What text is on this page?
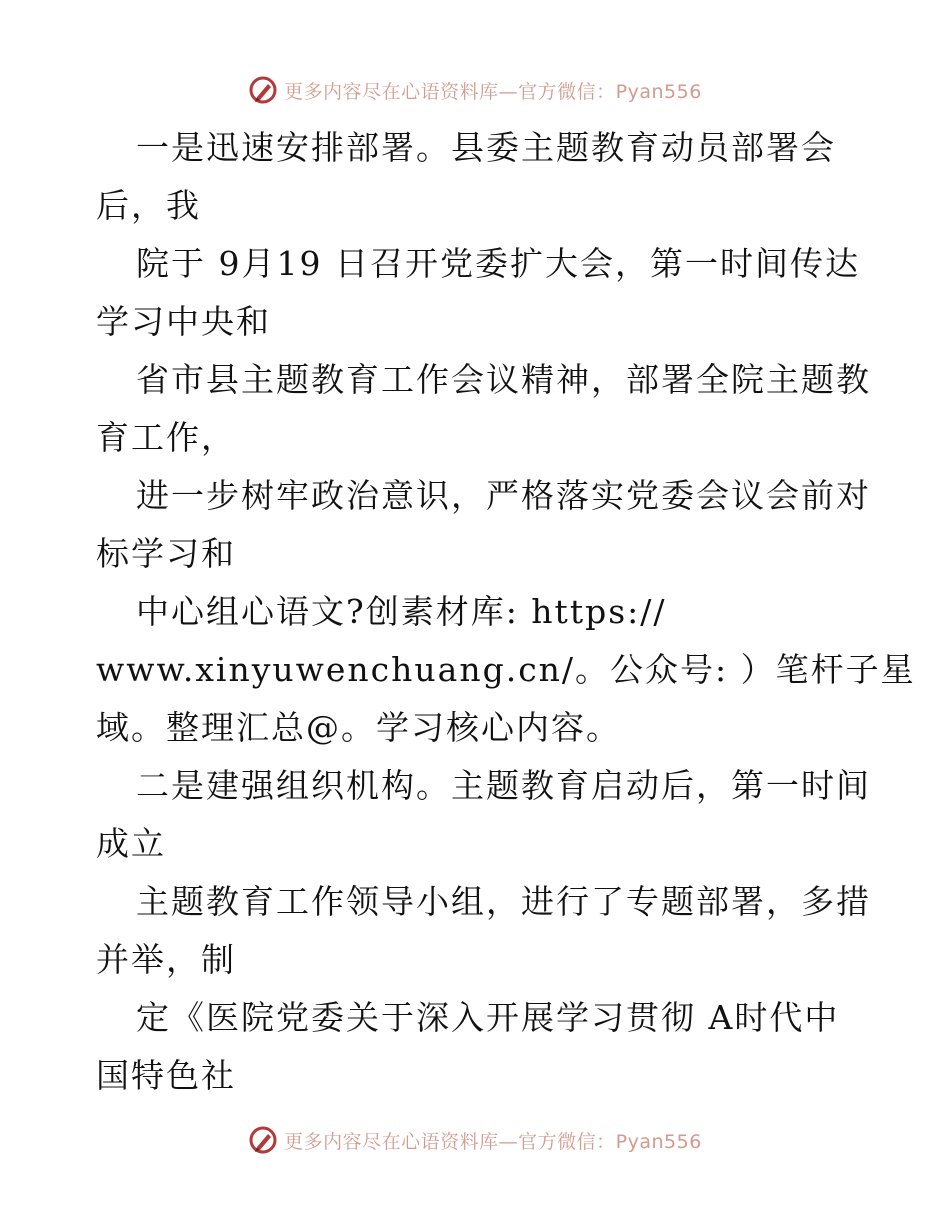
更多内容尽在心语资料库—官方微信：Pyan556
一是迅速安排部署。县委主题教育动员部署会
后，我
院于 9月19 日召开党委扩大会，第一时间传达
学习中央和
省市县主题教育工作会议精神，部署全院主题教
育工作，
进一步树牢政治意识，严格落实党委会议会前对
标学习和
中心组心语文?创素材库: https://
www.xinyuwenchuang.cn/。公众号: ）笔杆子星
域。整理汇总@。学习核心内容。
二是建强组织机构。主题教育启动后，第一时间
成立
主题教育工作领导小组，进行了专题部署，多措
并举，制
定《医院党委关于深入开展学习贯彻 A时代中
国特色社
更多内容尽在心语资料库—官方微信：Pyan556
